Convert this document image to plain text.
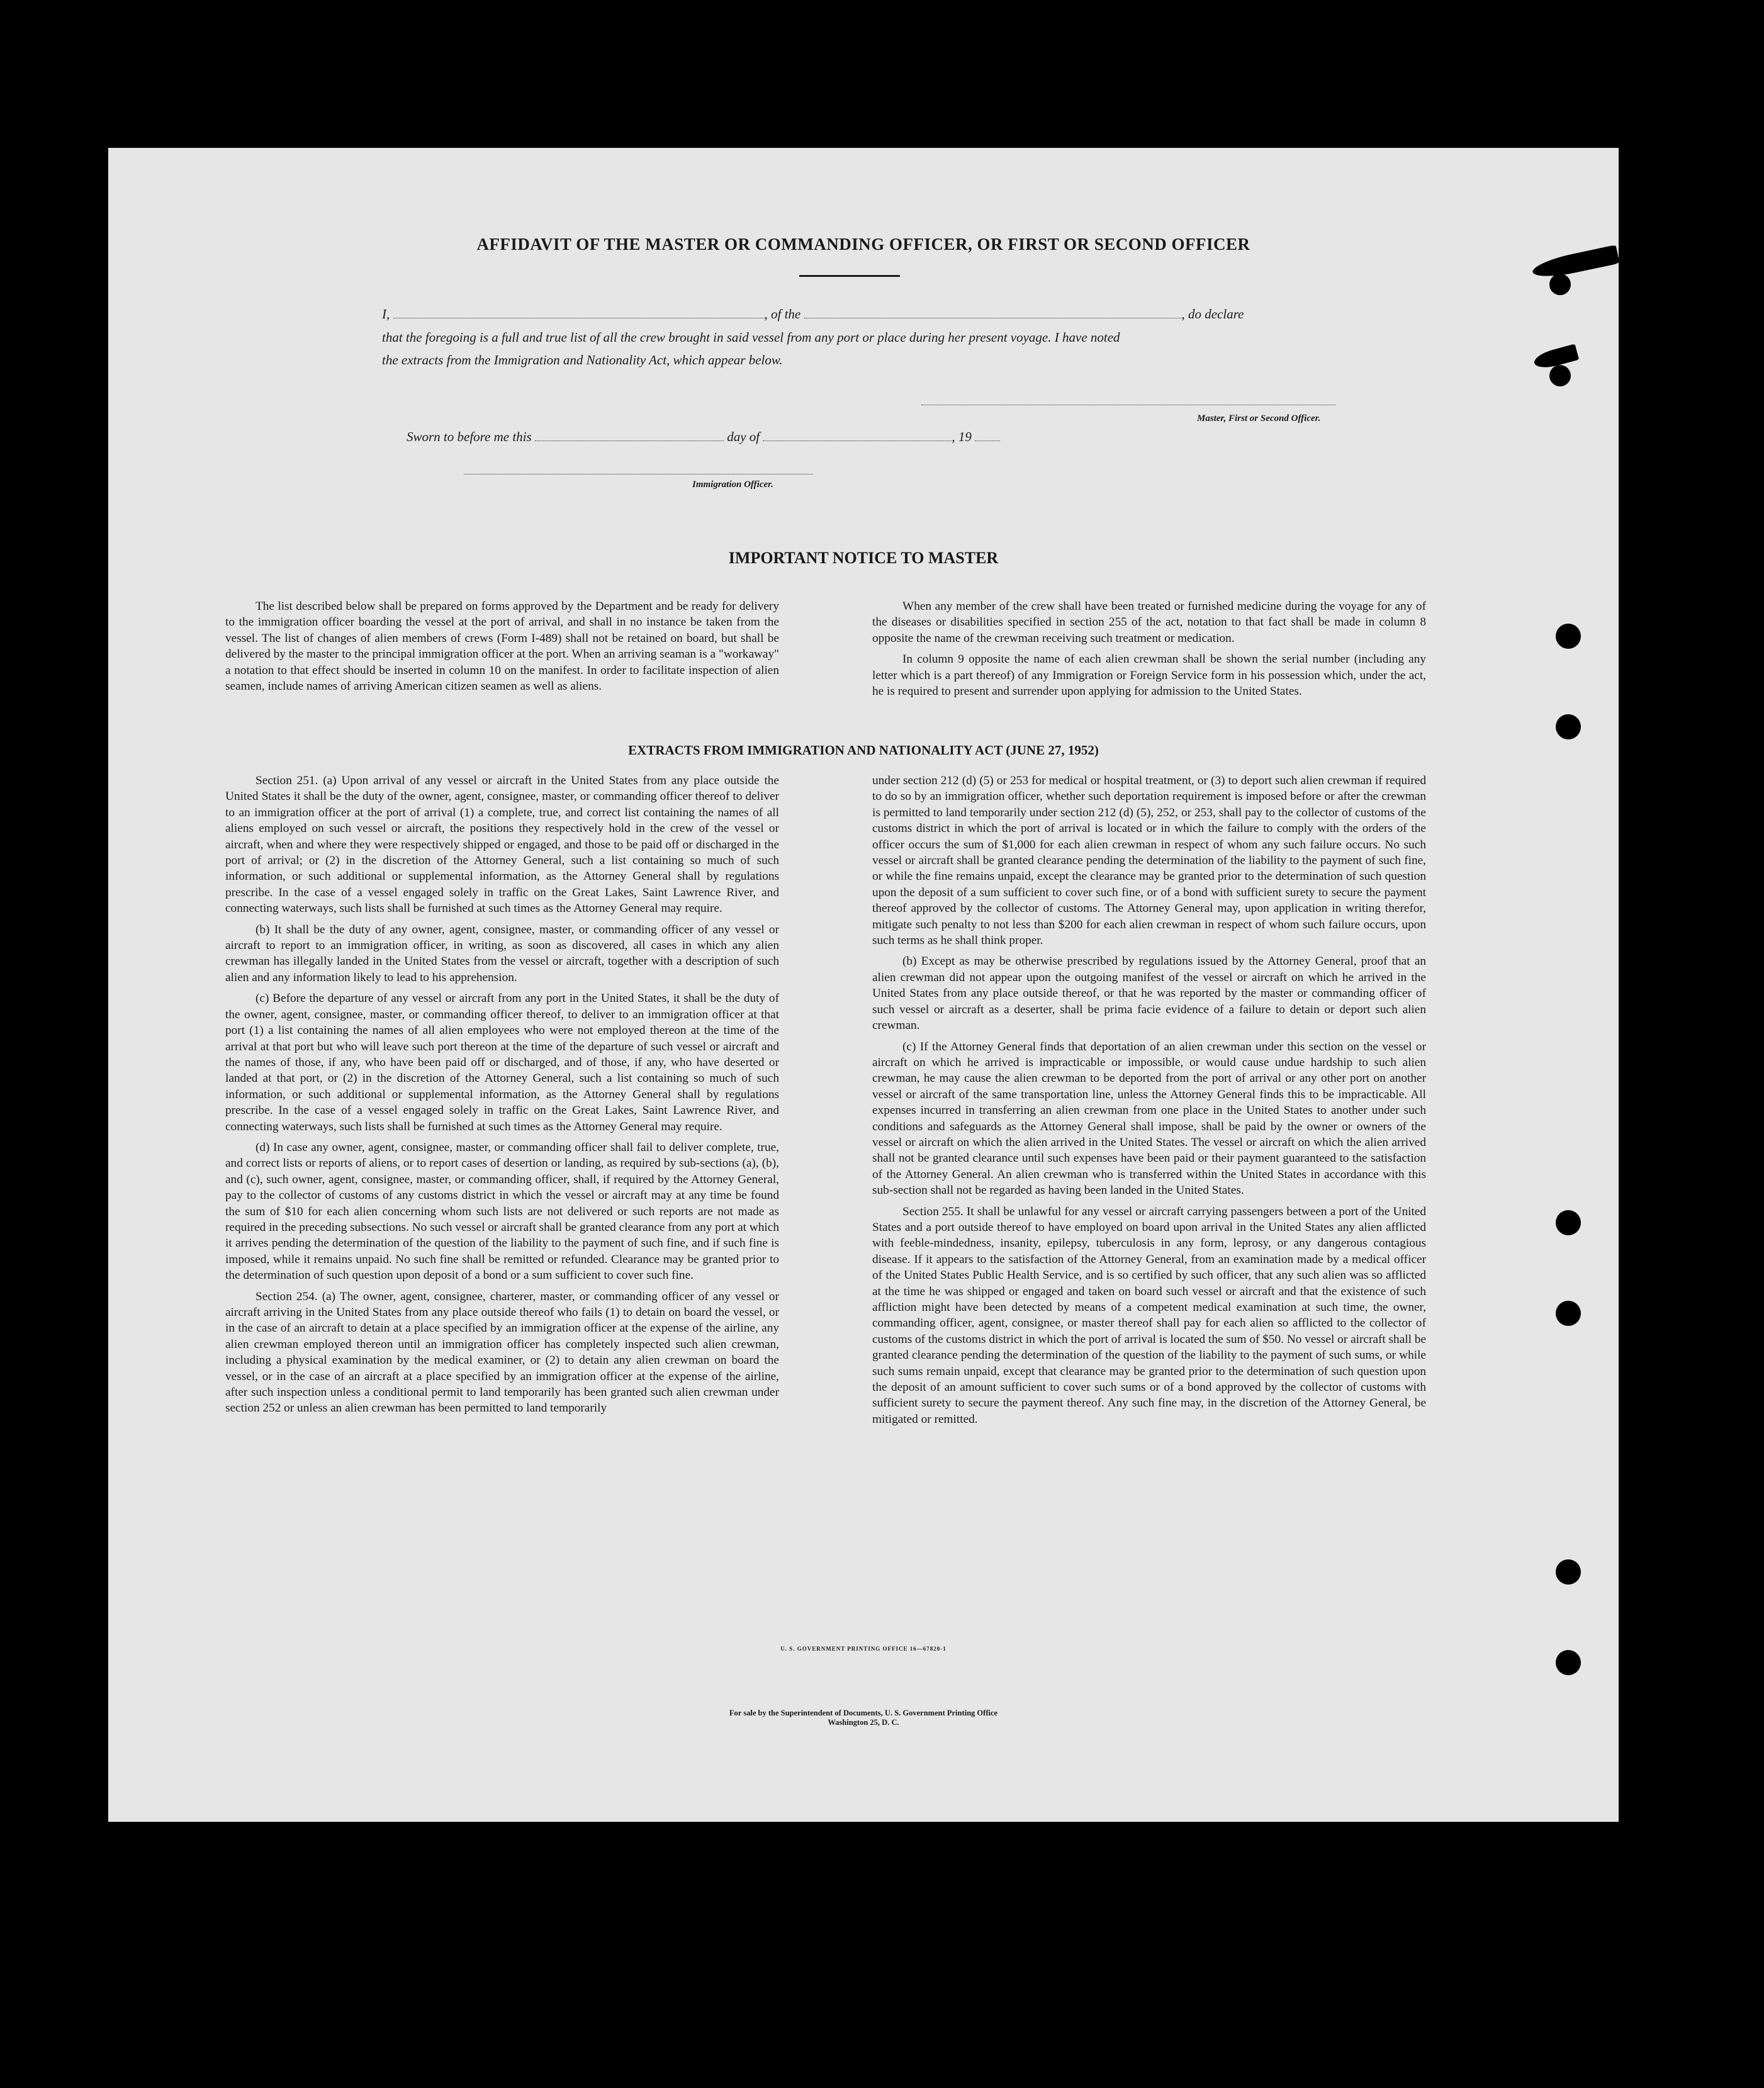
AFFIDAVIT OF THE MASTER OR COMMANDING OFFICER, OR FIRST OR SECOND OFFICER
I,	, of the	, do declare
that the foregoing is a full and true list of all the crew brought in said vessel from any port or place during her present voyage. I have noted
the extracts from the Immigration and Nationality Act, which appear below.
Master, First or Second Officer.
Sworn to before me this	day of	, 19
Immigration Officer.
IMPORTANT NOTICE TO MASTER

The list described below shall be prepared on forms approved by the Department and be ready for delivery to the immigration officer boarding the vessel at the port of arrival, and shall in no instance be taken from the vessel. The list of changes of alien members of crews (Form I-489) shall not be retained on board, but shall be delivered by the master to the principal immigration officer at the port. When an arriving seaman is a "workaway" a notation to that effect should be inserted in column 10 on the manifest. In order to facilitate inspection of alien seamen, include names of arriving American citizen seamen as well as aliens.

When any member of the crew shall have been treated or furnished medicine during the voyage for any of the diseases or disabilities specified in section 255 of the act, notation to that fact shall be made in column 8 opposite the name of the crewman receiving such treatment or medication.

In column 9 opposite the name of each alien crewman shall be shown the serial number (including any letter which is a part thereof) of any Immigration or Foreign Service form in his possession which, under the act, he is required to present and surrender upon applying for admission to the United States.

EXTRACTS FROM IMMIGRATION AND NATIONALITY ACT (JUNE 27, 1952)

Section 251. (a) Upon arrival of any vessel or aircraft in the United States from any place outside the United States it shall be the duty of the owner, agent, consignee, master, or commanding officer thereof to deliver to an immigration officer at the port of arrival (1) a complete, true, and correct list containing the names of all aliens employed on such vessel or aircraft, the positions they respectively hold in the crew of the vessel or aircraft, when and where they were respectively shipped or engaged, and those to be paid off or discharged in the port of arrival; or (2) in the discretion of the Attorney General, such a list containing so much of such information, or such additional or supplemental information, as the Attorney General shall by regulations prescribe. In the case of a vessel engaged solely in traffic on the Great Lakes, Saint Lawrence River, and connecting waterways, such lists shall be furnished at such times as the Attorney General may require.

(b) It shall be the duty of any owner, agent, consignee, master, or commanding officer of any vessel or aircraft to report to an immigration officer, in writing, as soon as discovered, all cases in which any alien crewman has illegally landed in the United States from the vessel or aircraft, together with a description of such alien and any information likely to lead to his apprehension.

(c) Before the departure of any vessel or aircraft from any port in the United States, it shall be the duty of the owner, agent, consignee, master, or commanding officer thereof, to deliver to an immigration officer at that port (1) a list containing the names of all alien employees who were not employed thereon at the time of the arrival at that port but who will leave such port thereon at the time of the departure of such vessel or aircraft and the names of those, if any, who have been paid off or discharged, and of those, if any, who have deserted or landed at that port, or (2) in the discretion of the Attorney General, such a list containing so much of such information, or such additional or supplemental information, as the Attorney General shall by regulations prescribe. In the case of a vessel engaged solely in traffic on the Great Lakes, Saint Lawrence River, and connecting waterways, such lists shall be furnished at such times as the Attorney General may require.

(d) In case any owner, agent, consignee, master, or commanding officer shall fail to deliver complete, true, and correct lists or reports of aliens, or to report cases of desertion or landing, as required by sub-sections (a), (b), and (c), such owner, agent, consignee, master, or commanding officer, shall, if required by the Attorney General, pay to the collector of customs of any customs district in which the vessel or aircraft may at any time be found the sum of $10 for each alien concerning whom such lists are not delivered or such reports are not made as required in the preceding subsections. No such vessel or aircraft shall be granted clearance from any port at which it arrives pending the determination of the question of the liability to the payment of such fine, and if such fine is imposed, while it remains unpaid. No such fine shall be remitted or refunded. Clearance may be granted prior to the determination of such question upon deposit of a bond or a sum sufficient to cover such fine.

Section 254. (a) The owner, agent, consignee, charterer, master, or commanding officer of any vessel or aircraft arriving in the United States from any place outside thereof who fails (1) to detain on board the vessel, or in the case of an aircraft to detain at a place specified by an immigration officer at the expense of the airline, any alien crewman employed thereon until an immigration officer has completely inspected such alien crewman, including a physical examination by the medical examiner, or (2) to detain any alien crewman on board the vessel, or in the case of an aircraft at a place specified by an immigration officer at the expense of the airline, after such inspection unless a conditional permit to land temporarily has been granted such alien crewman under section 252 or unless an alien crewman has been permitted to land temporarily

under section 212 (d) (5) or 253 for medical or hospital treatment, or (3) to deport such alien crewman if required to do so by an immigration officer, whether such deportation requirement is imposed before or after the crewman is permitted to land temporarily under section 212 (d) (5), 252, or 253, shall pay to the collector of customs of the customs district in which the port of arrival is located or in which the failure to comply with the orders of the officer occurs the sum of $1,000 for each alien crewman in respect of whom any such failure occurs. No such vessel or aircraft shall be granted clearance pending the determination of the liability to the payment of such fine, or while the fine remains unpaid, except the clearance may be granted prior to the determination of such question upon the deposit of a sum sufficient to cover such fine, or of a bond with sufficient surety to secure the payment thereof approved by the collector of customs. The Attorney General may, upon application in writing therefor, mitigate such penalty to not less than $200 for each alien crewman in respect of whom such failure occurs, upon such terms as he shall think proper.

(b) Except as may be otherwise prescribed by regulations issued by the Attorney General, proof that an alien crewman did not appear upon the outgoing manifest of the vessel or aircraft on which he arrived in the United States from any place outside thereof, or that he was reported by the master or commanding officer of such vessel or aircraft as a deserter, shall be prima facie evidence of a failure to detain or deport such alien crewman.

(c) If the Attorney General finds that deportation of an alien crewman under this section on the vessel or aircraft on which he arrived is impracticable or impossible, or would cause undue hardship to such alien crewman, he may cause the alien crewman to be deported from the port of arrival or any other port on another vessel or aircraft of the same transportation line, unless the Attorney General finds this to be impracticable. All expenses incurred in transferring an alien crewman from one place in the United States to another under such conditions and safeguards as the Attorney General shall impose, shall be paid by the owner or owners of the vessel or aircraft on which the alien arrived in the United States. The vessel or aircraft on which the alien arrived shall not be granted clearance until such expenses have been paid or their payment guaranteed to the satisfaction of the Attorney General. An alien crewman who is transferred within the United States in accordance with this sub-section shall not be regarded as having been landed in the United States.

Section 255. It shall be unlawful for any vessel or aircraft carrying passengers between a port of the United States and a port outside thereof to have employed on board upon arrival in the United States any alien afflicted with feeble-mindedness, insanity, epilepsy, tuberculosis in any form, leprosy, or any dangerous contagious disease. If it appears to the satisfaction of the Attorney General, from an examination made by a medical officer of the United States Public Health Service, and is so certified by such officer, that any such alien was so afflicted at the time he was shipped or engaged and taken on board such vessel or aircraft and that the existence of such affliction might have been detected by means of a competent medical examination at such time, the owner, commanding officer, agent, consignee, or master thereof shall pay for each alien so afflicted to the collector of customs of the customs district in which the port of arrival is located the sum of $50. No vessel or aircraft shall be granted clearance pending the determination of the question of the liability to the payment of such sums, or while such sums remain unpaid, except that clearance may be granted prior to the determination of such question upon the deposit of an amount sufficient to cover such sums or of a bond approved by the collector of customs with sufficient surety to secure the payment thereof. Any such fine may, in the discretion of the Attorney General, be mitigated or remitted.

U. S. GOVERNMENT PRINTING OFFICE 16—67820-1
For sale by the Superintendent of Documents, U. S. Government Printing Office
Washington 25, D. C.
